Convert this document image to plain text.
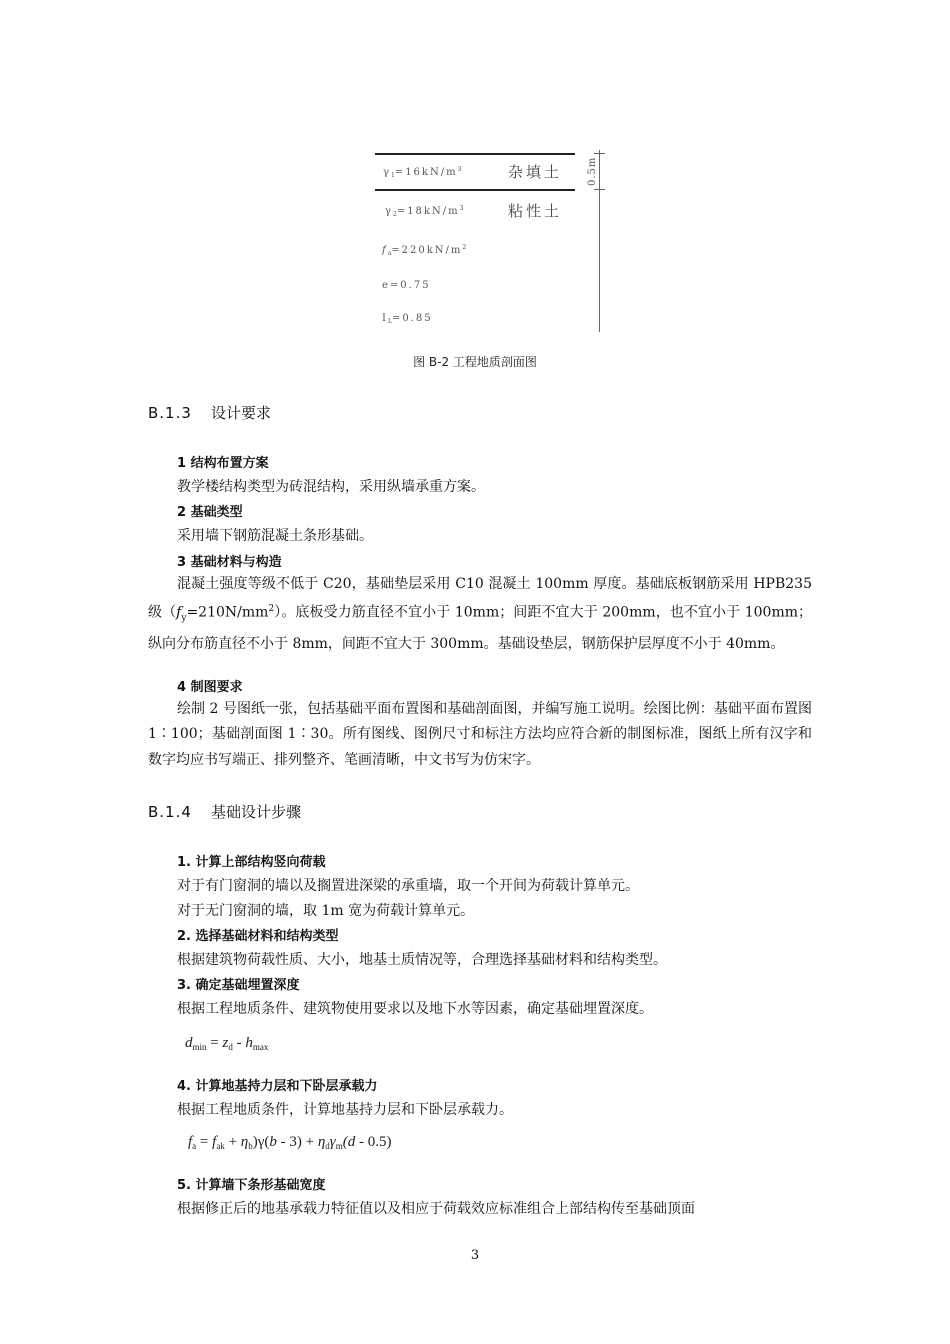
0.5m
$\gamma_1=16kN/m^3$	杂填土
$\gamma_2=18kN/m^3$	粘性土
$f_a=220kN/m^2$
e=0.75
$I_L=0.85$
图 B-2 工程地质剖面图
B.1.3 设计要求
1 结构布置方案
教学楼结构类型为砖混结构，采用纵墙承重方案。
2 基础类型
采用墙下钢筋混凝土条形基础。
3 基础材料与构造

混凝土强度等级不低于 C20，基础垫层采用 C10 混凝土 100mm 厚度。基础底板钢筋采用 HPB235 级$(f_y=210N/mm^2)$。底板受力筋直径不宜小于 10mm；间距不宜大于 200mm，也不宜小于 100mm；纵向分布筋直径不小于 8mm，间距不宜大于 300mm。基础设垫层，钢筋保护层厚度不小于 40mm。

4 制图要求

绘制 2 号图纸一张，包括基础平面布置图和基础剖面图，并编写施工说明。绘图比例：基础平面布置图 1∶100；基础剖面图 1∶30。所有图线、图例尺寸和标注方法均应符合新的制图标准，图纸上所有汉字和数字均应书写端正、排列整齐、笔画清晰，中文书写为仿宋字。

B.1.4 基础设计步骤
1. 计算上部结构竖向荷载
对于有门窗洞的墙以及搁置进深梁的承重墙，取一个开间为荷载计算单元。
对于无门窗洞的墙，取 1m 宽为荷载计算单元。
2. 选择基础材料和结构类型
根据建筑物荷载性质、大小，地基土质情况等，合理选择基础材料和结构类型。
3. 确定基础埋置深度
根据工程地质条件、建筑物使用要求以及地下水等因素，确定基础埋置深度。
$d_{min} = z_d - h_{max}$
4. 计算地基持力层和下卧层承载力
根据工程地质条件，计算地基持力层和下卧层承载力。
$f_a = f_{ak} + \eta_b)\gamma(b - 3) + \eta_d\gamma_m(d - 0.5)$
5. 计算墙下条形基础宽度
根据修正后的地基承载力特征值以及相应于荷载效应标准组合上部结构传至基础顶面
3
